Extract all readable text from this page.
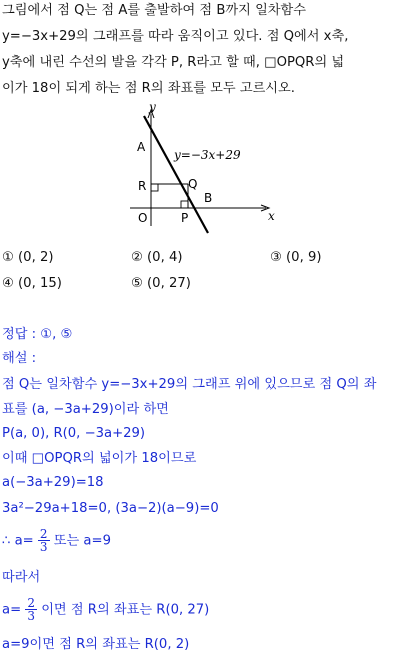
그림에서 점 Q는 점 A를 출발하여 점 B까지 일차함수
y=−3x+29의 그래프를 따라 움직이고 있다. 점 Q에서 x축,
y축에 내린 수선의 발을 각각 P, R라고 할 때, □OPQR의 넓
이가 18이 되게 하는 점 R의 좌표를 모두 고르시오.
y
x
A
B
Q
R
P
O
y=−3x+29
① (0, 2)	② (0, 4)	③ (0, 9)
④ (0, 15)	⑤ (0, 27)
정답 : ①, ⑤
해설 :
점 Q는 일차함수 y=−3x+29의 그래프 위에 있으므로 점 Q의 좌
표를 (a, −3a+29)이라 하면
P(a, 0), R(0, −3a+29)
이때 □OPQR의 넓이가 18이므로
a(−3a+29)=18
3a²−29a+18=0, (3a−2)(a−9)=0
∴ $a= \frac{2}{3}$ 또는 a=9
따라서
$a= \frac{2}{3}$ 이면 점 R의 좌표는 R(0, 27)
a=9이면 점 R의 좌표는 R(0, 2)
